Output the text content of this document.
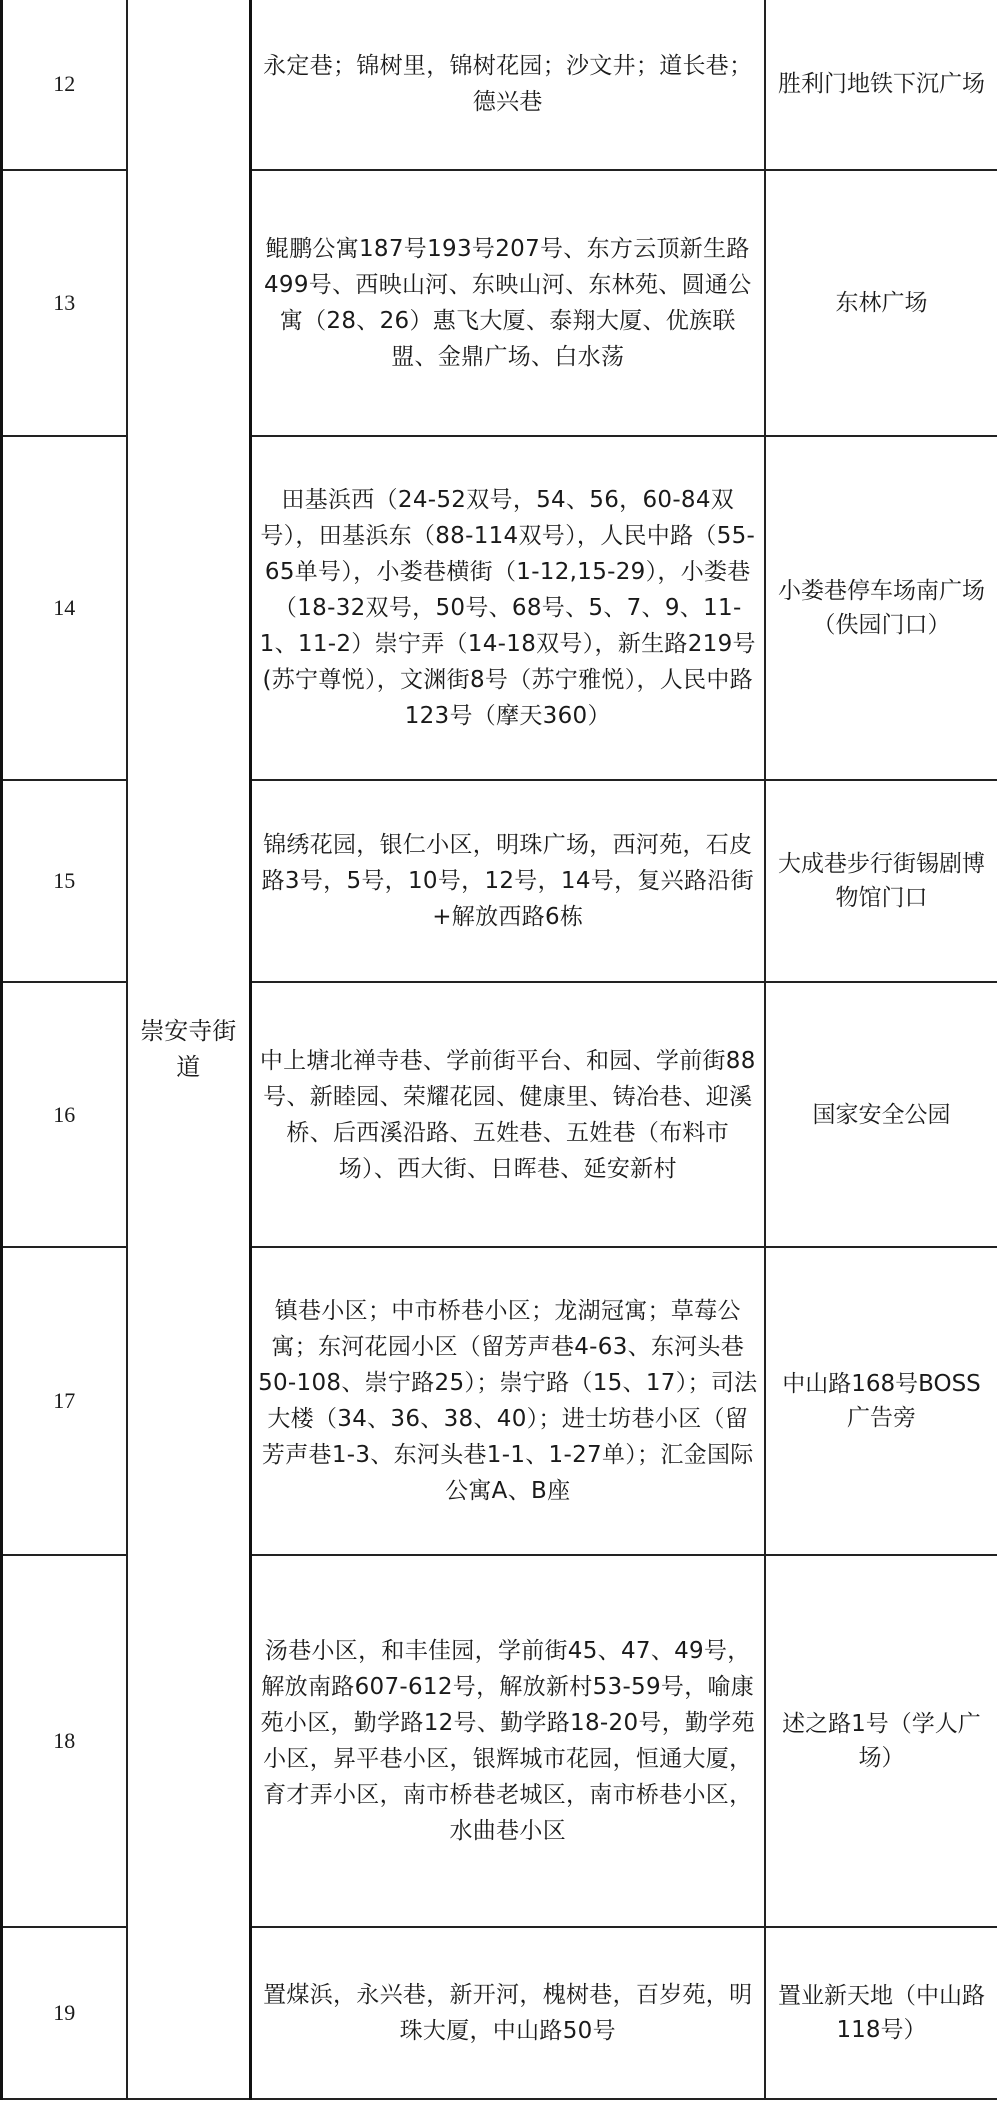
12	崇安寺街道	永定巷；锦树里，锦树花园；沙文井；道长巷；德兴巷	胜利门地铁下沉广场
13		鲲鹏公寓187号193号207号、东方云顶新生路499号、西映山河、东映山河、东林苑、圆通公寓（28、26）惠飞大厦、泰翔大厦、优族联盟、金鼎广场、白水荡	东林广场
14		田基浜西（24-52双号，54、56，60-84双号），田基浜东（88-114双号），人民中路（55-65单号），小娄巷横街（1-12,15-29），小娄巷（18-32双号，50号、68号、5、7、9、11-1、11-2）崇宁弄（14-18双号），新生路219号(苏宁尊悦），文渊街8号（苏宁雅悦），人民中路123号（摩天360）	小娄巷停车场南广场（佚园门口）
15		锦绣花园，银仁小区，明珠广场，西河苑，石皮路3号，5号，10号，12号，14号，复兴路沿街+解放西路6栋	大成巷步行街锡剧博物馆门口
16		中上塘北禅寺巷、学前街平台、和园、学前街88号、新睦园、荣耀花园、健康里、铸冶巷、迎溪桥、后西溪沿路、五姓巷、五姓巷（布料市场）、西大街、日晖巷、延安新村	国家安全公园
17		镇巷小区；中市桥巷小区；龙湖冠寓；草莓公寓；东河花园小区（留芳声巷4-63、东河头巷50-108、崇宁路25）；崇宁路（15、17）；司法大楼（34、36、38、40）；进士坊巷小区（留芳声巷1-3、东河头巷1-1、1-27单）；汇金国际公寓A、B座	中山路168号BOSS广告旁
18		汤巷小区，和丰佳园，学前街45、47、49号，解放南路607-612号，解放新村53-59号，喻康苑小区，勤学路12号、勤学路18-20号，勤学苑小区，昇平巷小区，银辉城市花园，恒通大厦，育才弄小区，南市桥巷老城区，南市桥巷小区，水曲巷小区	述之路1号（学人广场）
19		置煤浜，永兴巷，新开河，槐树巷，百岁苑，明珠大厦，中山路50号	置业新天地（中山路118号）
